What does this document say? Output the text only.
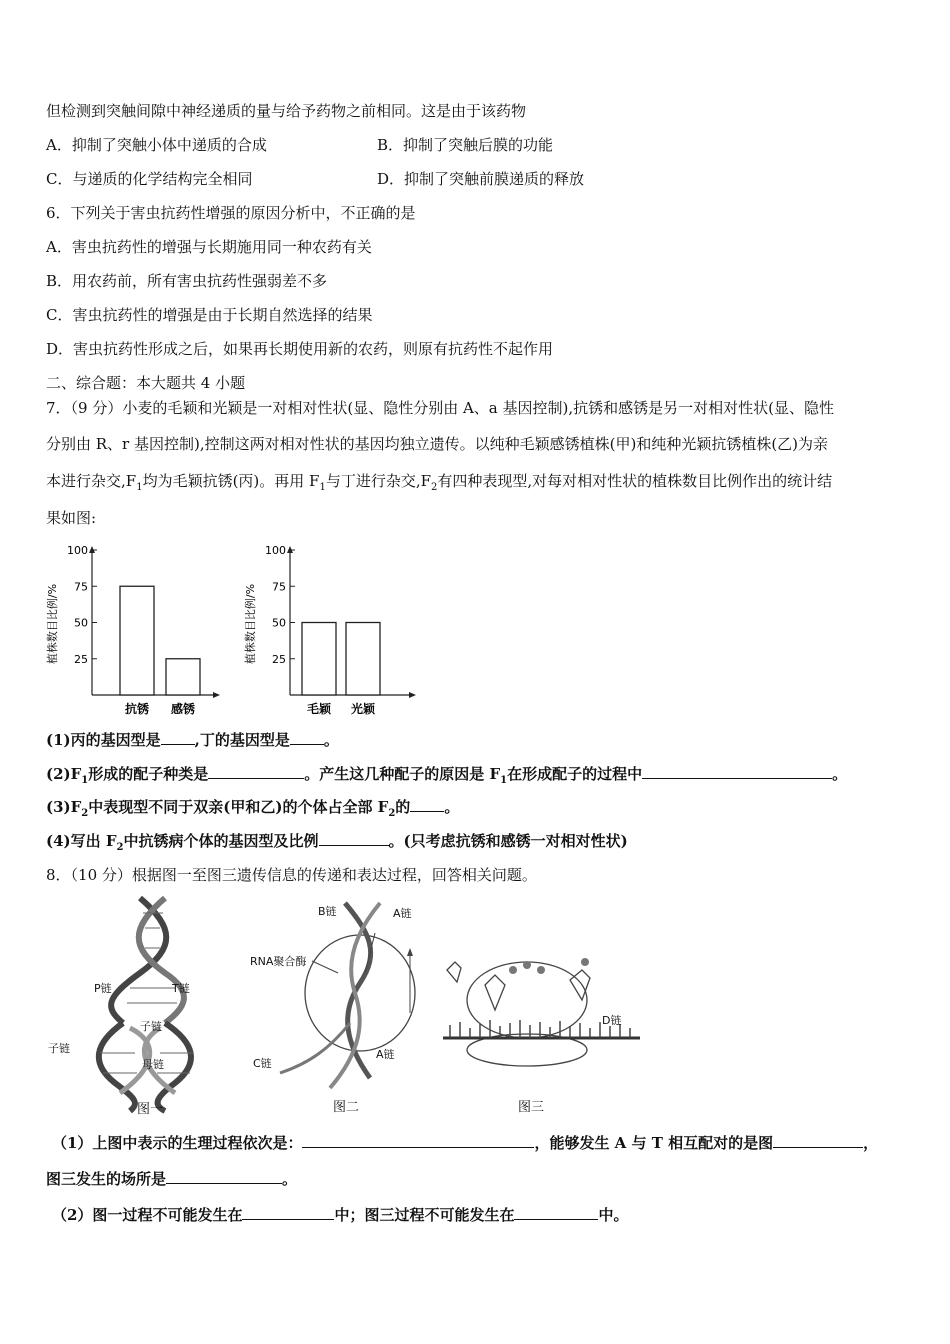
但检测到突触间隙中神经递质的量与给予药物之前相同。这是由于该药物
A．抑制了突触小体中递质的合成	B．抑制了突触后膜的功能
C．与递质的化学结构完全相同	D．抑制了突触前膜递质的释放
6．下列关于害虫抗药性增强的原因分析中，不正确的是
A．害虫抗药性的增强与长期施用同一种农药有关
B．用农药前，所有害虫抗药性强弱差不多
C．害虫抗药性的增强是由于长期自然选择的结果
D．害虫抗药性形成之后，如果再长期使用新的农药，则原有抗药性不起作用
二、综合题：本大题共 4 小题
7．（9 分）小麦的毛颖和光颖是一对相对性状(显、隐性分别由 A、a 基因控制),抗锈和感锈是另一对相对性状(显、隐性
分别由 R、r 基因控制),控制这两对相对性状的基因均独立遗传。以纯种毛颖感锈植株(甲)和纯种光颖抗锈植株(乙)为亲
本进行杂交$,F_1$均为毛颖抗锈(丙)。再用 $F_1$与丁进行杂交$,F_2$有四种表现型,对每对相对性状的植株数目比例作出的统计结
果如图:
植株数目比例/% 25
50
75
100
抗锈 感锈
植株数目比例/% 25
50
75
100
毛颖 光颖
(1)丙的基因型是 ,丁的基因型是 。
$(2)F_1$形成的配子种类是	。产生这几种配子的原因是 $F_1$在形成配子的过程中	。
$(3)F_2$中表现型不同于双亲(甲和乙)的个体占全部 $F_2$的 。
(4)写出 $F_2$中抗锈病个体的基因型及比例	。(只考虑抗锈和感锈一对相对性状)
8．（10 分）根据图一至图三遗传信息的传递和表达过程，回答相关问题。
P链	T链
子链
子链
母链
图一
B链	A链
RNA聚合酶
C链
A链
图二
D链
图三
（1）上图中表示的生理过程依次是：	，能够发生 A 与 T 相互配对的是图	，
图三发生的场所是	。
（2）图一过程不可能发生在	中；图三过程不可能发生在	中。
